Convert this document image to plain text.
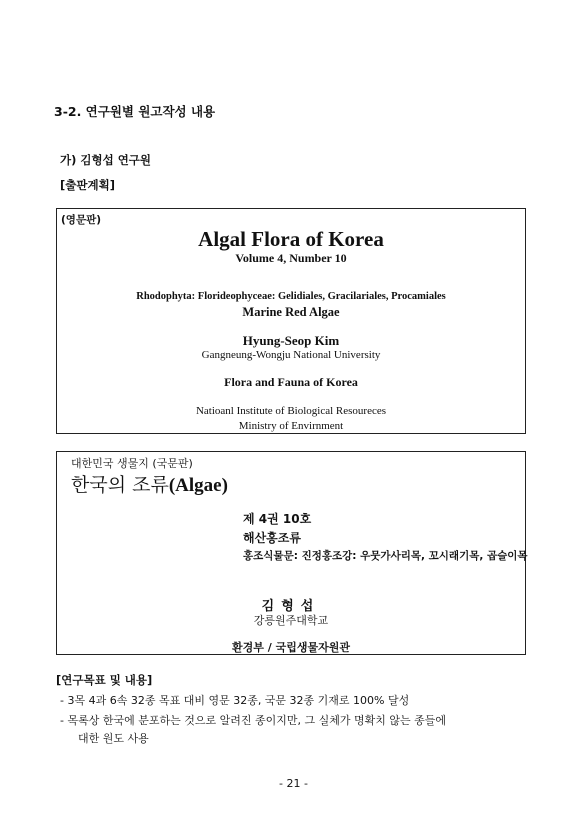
3-2. 연구원별 원고작성 내용
가) 김형섭 연구원
[출판계획]
(영문판)
Algal Flora of Korea
Volume 4, Number 10
Rhodophyta: Florideophyceae: Gelidiales, Gracilariales, Procamiales
Marine Red Algae
Hyung-Seop Kim
Gangneung-Wongju National University
Flora and Fauna of Korea
Natioanl Institute of Biological Resoureces
Ministry of Envirnment
대한민국 생물지 (국문판)
한국의 조류(Algae)
제 4권 10호
해산홍조류
홍조식물문: 진정홍조강: 우뭇가사리목, 꼬시래기목, 곱슬이목
김형섭
강릉원주대학교
환경부 / 국립생물자원관
[연구목표 및 내용]
- 3목 4과 6속 32종 목표 대비 영문 32종, 국문 32종 기재로 100% 달성
- 목록상 한국에 분포하는 것으로 알려진 종이지만, 그 실체가 명확치 않는 종들에
대한 원도 사용
- 21 -
